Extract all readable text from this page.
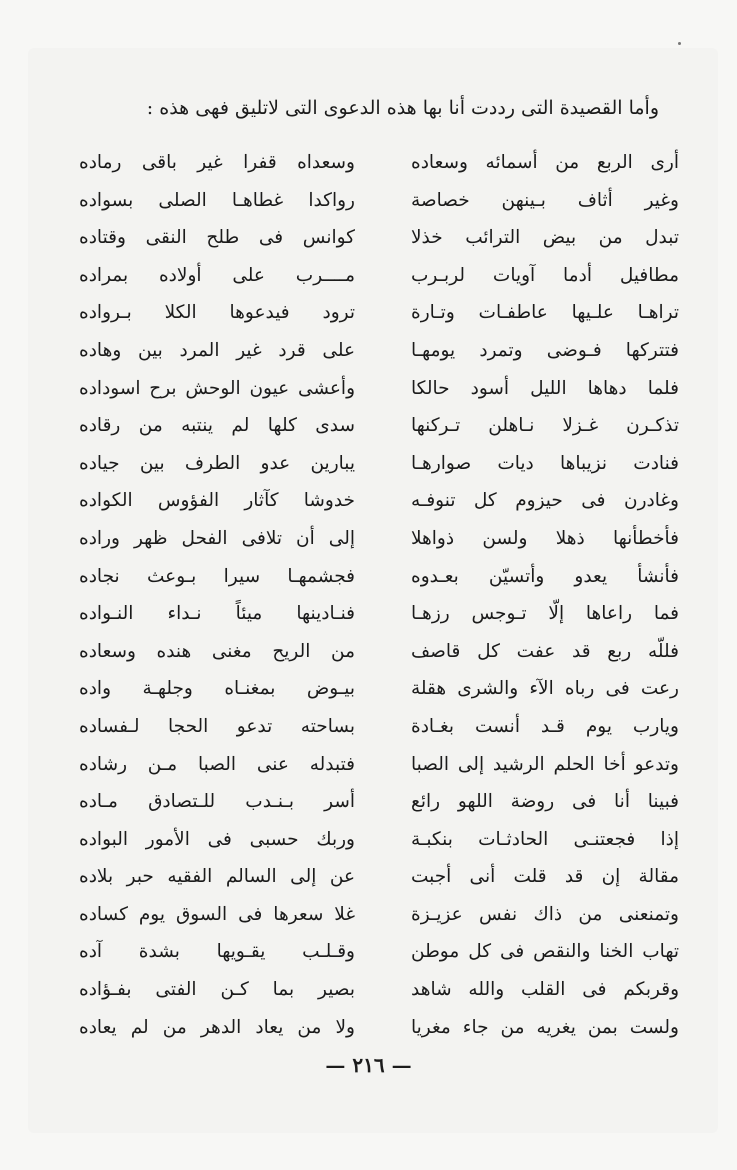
وأما القصيدة التى رددت أنا بها هذه الدعوى التى لاتليق فهى هذه :
أرى الربع من أسمائه وسعاده
وسعداه قفرا غير باقى رماده
وغير أثاف بـينهن خصاصة
رواكدا غطاهـا الصلى بسواده
تبدل من بيض الترائب خذلا
كوانس فى طلح النقى وقتاده
مطافيل أدما آويات لربـرب
مــــرب على أولاده بمراده
تراهـا علـيها عاطفـات وتـارة
ترود فيدعوها الكلا بـرواده
فتتركها فـوضى وتمرد يومهـا
على قرد غير المرد بين وهاده
فلما دهاها الليل أسود حالكا
وأعشى عيون الوحش برح اسوداده
تذكـرن غـزلا نـاهلن تـركنها
سدى كلها لم ينتبه من رقاده
فنادت نزيباها ديات صوارهـا
يبارين عدو الطرف بين جياده
وغادرن فى حيزوم كل تنوفـه
خدوشا كآثار الفؤوس الكواده
فأخطأنها ذهلا ولسن ذواهلا
إلى أن تلافى الفحل ظهر وراده
فأنشأ يعدو وأتسيّن بعـدوه
فجشمهـا سيرا بـوعث نجاده
فما راعاها إلّا تـوجس رزهـا
فنـادينها ميئاً نـداء النـواده
فللّه ربع قد عفت كل قاصف
من الريح مغنى هنده وسعاده
رعت فى رباه الآء والشرى هقلة
بيـوض بمغنـاه وجلهـة واده
ويارب يوم قـد أنست بغـادة
بساحته تدعو الحجا لـفساده
وتدعو أخا الحلم الرشيد إلى الصبا
فتبدله عنى الصبا مـن رشاده
فبينا أنا فى روضة اللهو رائع
أسر بـنـدب للـتصادق مـاده
إذا فجعتنـى الحادثـات بنكبـة
وربك حسبى فى الأمور البواده
مقالة إن قد قلت أنى أجبت
عن إلى السالم الفقيه حبر بلاده
وتمنعنى من ذاك نفس عزيـزة
غلا سعرها فى السوق يوم كساده
تهاب الخنا والنقص فى كل موطن
وقـلـب يقـويها بشدة آده
وقربكم فى القلب والله شاهد
بصير بما كـن الفتى بفـؤاده
ولست بمن يغريه من جاء مغريا
ولا من يعاد الدهر من لم يعاده
— ٢١٦ —
